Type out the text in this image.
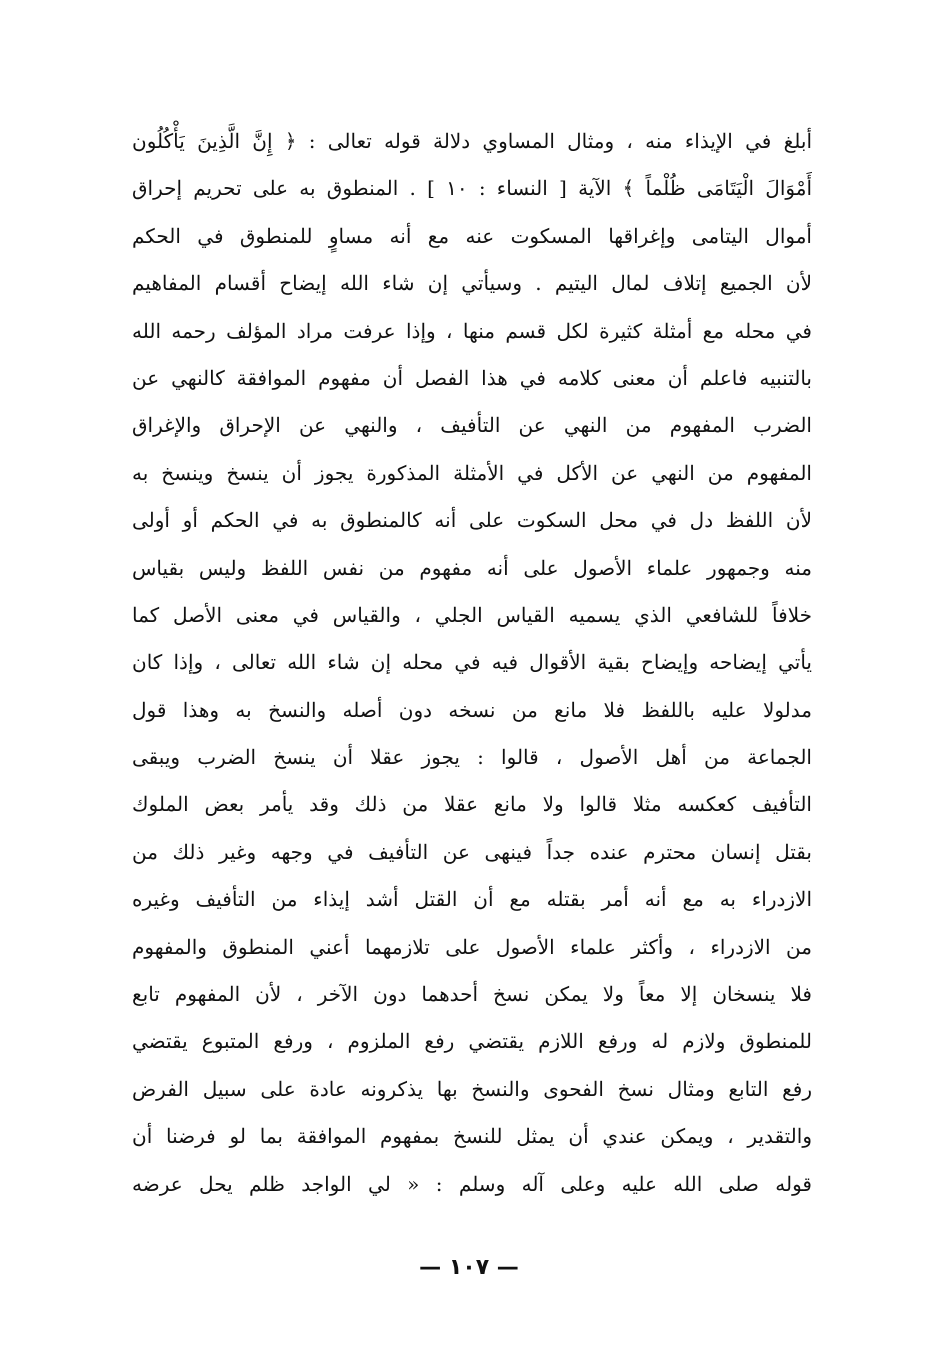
أبلغ في الإيذاء منه ، ومثال المساوي دلالة قوله تعالى : ﴿ إِنَّ الَّذِينَ يَأْكُلُون
أَمْوَالَ الْيَتَامَى ظُلْماً ﴾ الآية [ النساء : ١٠ ] . المنطوق به على تحريم إحراق
أموال اليتامى وإغراقها المسكوت عنه مع أنه مساوٍ للمنطوق في الحكم
لأن الجميع إتلاف لمال اليتيم . وسيأتي إن شاء الله إيضاح أقسام المفاهيم
في محله مع أمثلة كثيرة لكل قسم منها ، وإذا عرفت مراد المؤلف رحمه الله
بالتنبيه فاعلم أن معنى كلامه في هذا الفصل أن مفهوم الموافقة كالنهي عن
الضرب المفهوم من النهي عن التأفيف ، والنهي عن الإحراق والإغراق
المفهوم من النهي عن الأكل في الأمثلة المذكورة يجوز أن ينسخ وينسخ به
لأن اللفظ دل في محل السكوت على أنه كالمنطوق به في الحكم أو أولى
منه وجمهور علماء الأصول على أنه مفهوم من نفس اللفظ وليس بقياس
خلافاً للشافعي الذي يسميه القياس الجلي ، والقياس في معنى الأصل كما
يأتي إيضاحه وإيضاح بقية الأقوال فيه في محله إن شاء الله تعالى ، وإذا كان
مدلولا عليه باللفظ فلا مانع من نسخه دون أصله والنسخ به وهذا قول
الجماعة من أهل الأصول ، قالوا : يجوز عقلا أن ينسخ الضرب ويبقى
التأفيف كعكسه مثلا قالوا ولا مانع عقلا من ذلك وقد يأمر بعض الملوك
بقتل إنسان محترم عنده جداً فينهى عن التأفيف في وجهه وغير ذلك من
الازدراء به مع أنه أمر بقتله مع أن القتل أشد إيذاء من التأفيف وغيره
من الازدراء ، وأكثر علماء الأصول على تلازمهما أعني المنطوق والمفهوم
فلا ينسخان إلا معاً ولا يمكن نسخ أحدهما دون الآخر ، لأن المفهوم تابع
للمنطوق ولازم له ورفع اللازم يقتضي رفع الملزوم ، ورفع المتبوع يقتضي
رفع التابع ومثال نسخ الفحوى والنسخ بها يذكرونه عادة على سبيل الفرض
والتقدير ، ويمكن عندي أن يمثل للنسخ بمفهوم الموافقة بما لو فرضنا أن
قوله صلى الله عليه وعلى آله وسلم : « لي الواجد ظلم يحل عرضه
— ١٠٧ —
